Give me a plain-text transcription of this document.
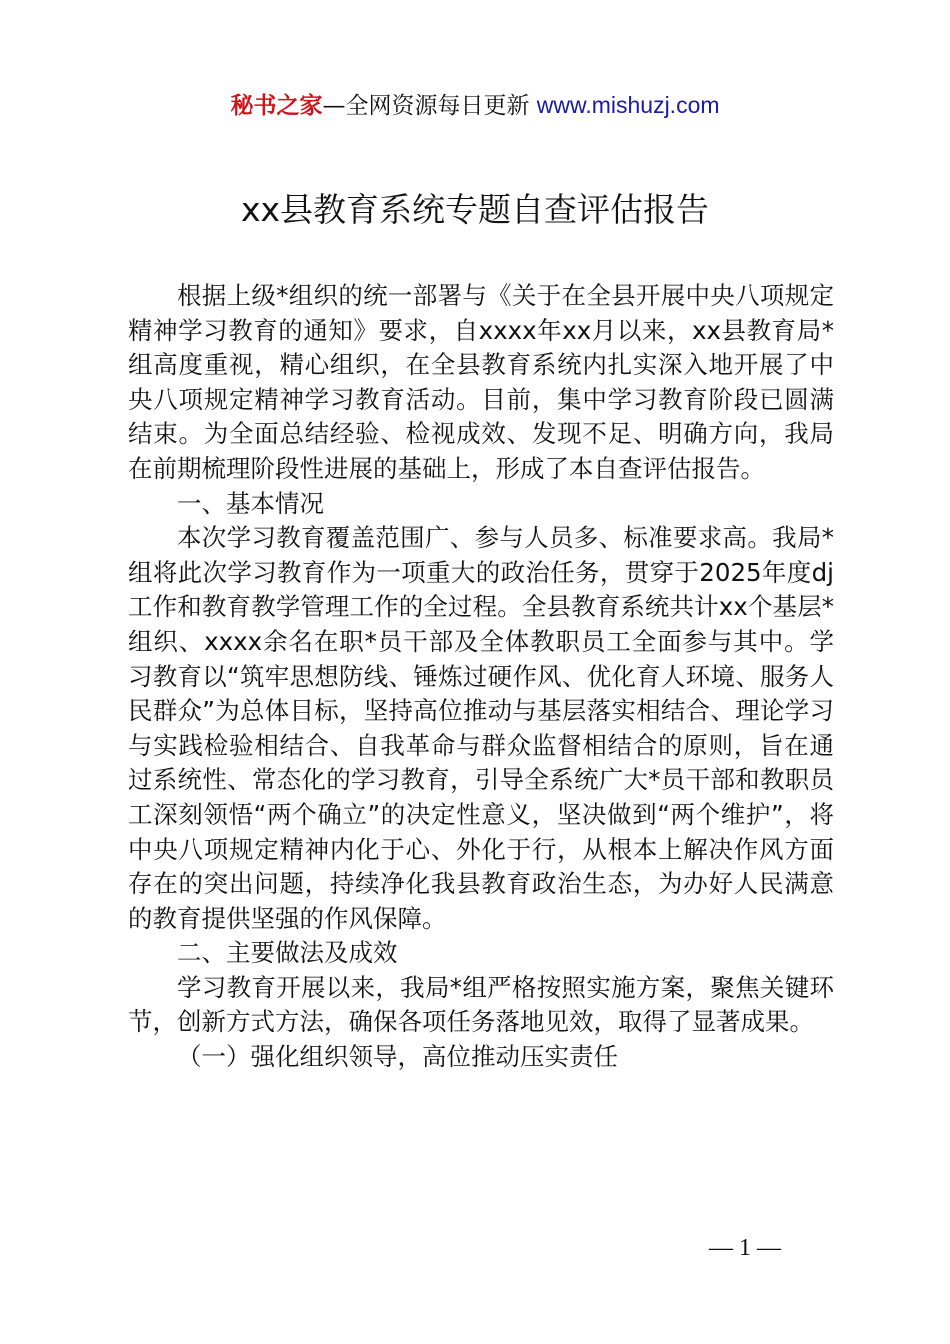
秘书之家—全网资源每日更新 www.mishuzj.com
xx县教育系统专题自查评估报告

根据上级*组织的统一部署与《关于在全县开展中央八项规定精神学习教育的通知》要求，自xxxx年xx月以来，xx县教育局*组高度重视，精心组织，在全县教育系统内扎实深入地开展了中央八项规定精神学习教育活动。目前，集中学习教育阶段已圆满结束。为全面总结经验、检视成效、发现不足、明确方向，我局在前期梳理阶段性进展的基础上，形成了本自查评估报告。

一、基本情况

本次学习教育覆盖范围广、参与人员多、标准要求高。我局*组将此次学习教育作为一项重大的政治任务，贯穿于2025年度dj工作和教育教学管理工作的全过程。全县教育系统共计xx个基层*组织、xxxx余名在职*员干部及全体教职员工全面参与其中。学习教育以“筑牢思想防线、锤炼过硬作风、优化育人环境、服务人民群众”为总体目标，坚持高位推动与基层落实相结合、理论学习与实践检验相结合、自我革命与群众监督相结合的原则，旨在通过系统性、常态化的学习教育，引导全系统广大*员干部和教职员工深刻领悟“两个确立”的决定性意义，坚决做到“两个维护”，将中央八项规定精神内化于心、外化于行，从根本上解决作风方面存在的突出问题，持续净化我县教育政治生态，为办好人民满意的教育提供坚强的作风保障。

二、主要做法及成效

学习教育开展以来，我局*组严格按照实施方案，聚焦关键环节，创新方式方法，确保各项任务落地见效，取得了显著成果。

（一）强化组织领导，高位推动压实责任

— 1 —
